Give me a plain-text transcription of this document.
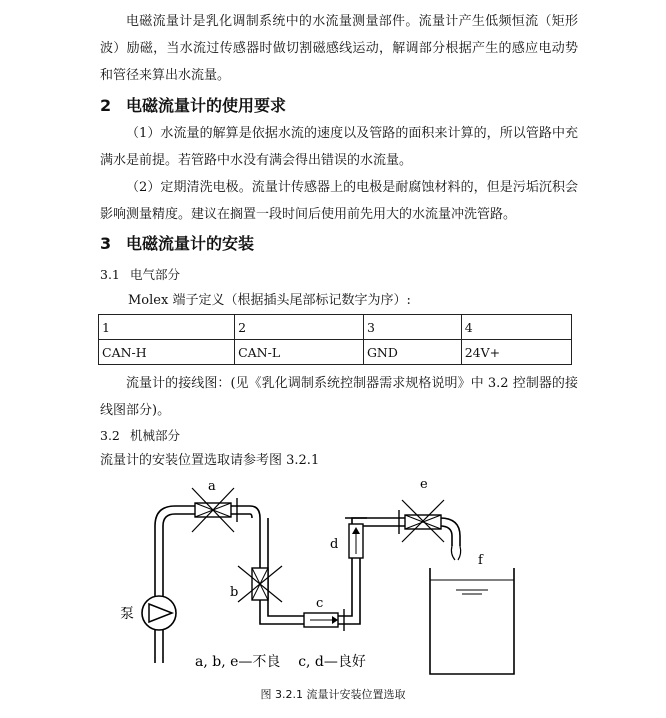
电磁流量计是乳化调制系统中的水流量测量部件。流量计产生低频恒流（矩形波）励磁，当水流过传感器时做切割磁感线运动，解调部分根据产生的感应电动势和管径来算出水流量。

2 电磁流量计的使用要求

（1）水流量的解算是依据水流的速度以及管路的面积来计算的，所以管路中充满水是前提。若管路中水没有满会得出错误的水流量。

（2）定期清洗电极。流量计传感器上的电极是耐腐蚀材料的，但是污垢沉积会影响测量精度。建议在搁置一段时间后使用前先用大的水流量冲洗管路。

3 电磁流量计的安装
3.1 电气部分
Molex 端子定义（根据插头尾部标记数字为序）:
1	2	3	4
CAN-H	CAN-L	GND	24V+

流量计的接线图：(见《乳化调制系统控制器需求规格说明》中 3.2 控制器的接线图部分)。

3.2 机械部分
流量计的安装位置选取请参考图 3.2.1
泵
a
b
c
d
e
f
a, b, e—不良    c, d—良好
图 3.2.1 流量计安装位置选取
